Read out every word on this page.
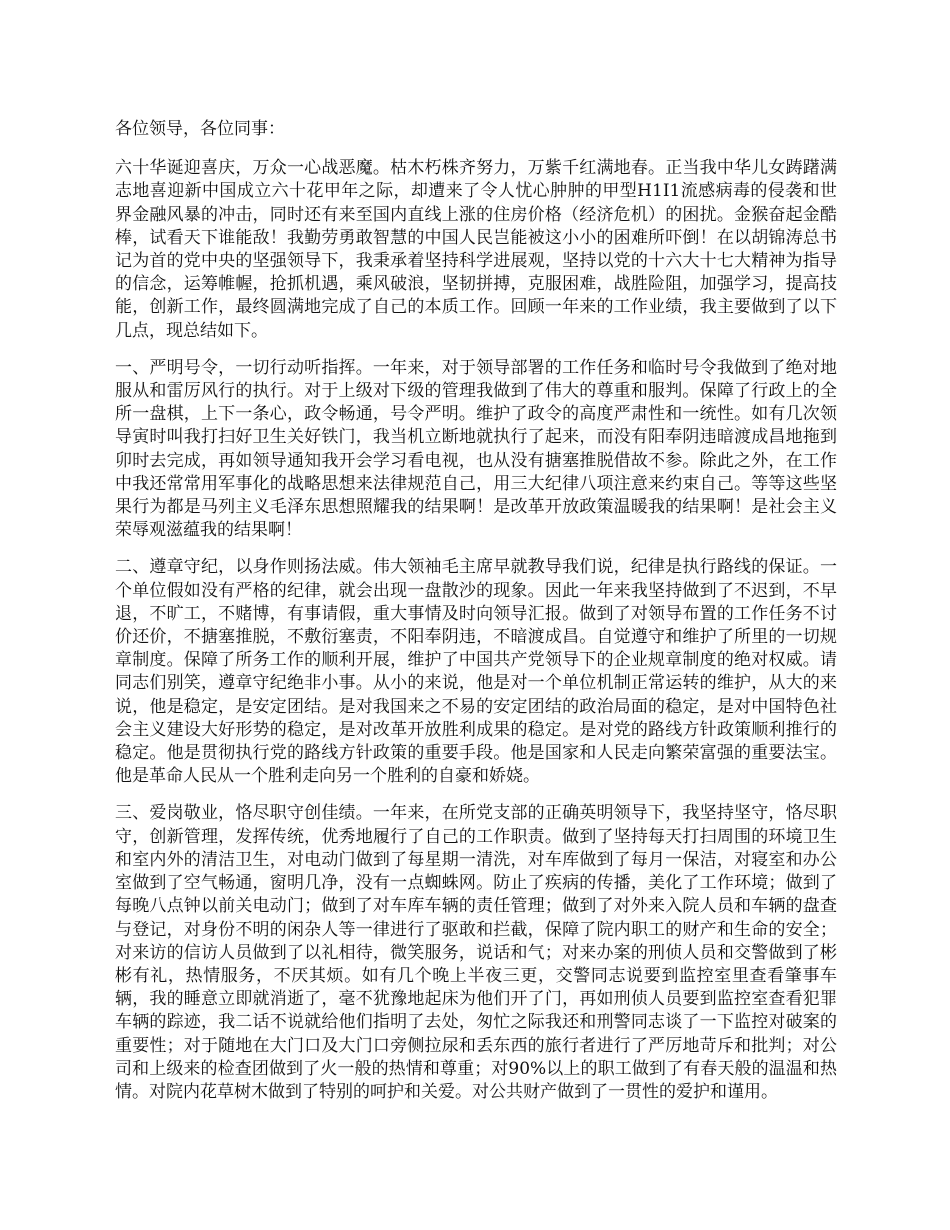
各位领导，各位同事：

六十华诞迎喜庆，万众一心战恶魔。枯木朽株齐努力，万紫千红满地春。正当我中华儿女踌躇满志地喜迎新中国成立六十花甲年之际，却遭来了令人忧心肿肿的甲型H1I1流感病毒的侵袭和世界金融风暴的冲击，同时还有来至国内直线上涨的住房价格（经济危机）的困扰。金猴奋起金酷棒，试看天下谁能敌！我勤劳勇敢智慧的中国人民岂能被这小小的困难所吓倒！在以胡锦涛总书记为首的党中央的坚强领导下，我秉承着坚持科学进展观，坚持以党的十六大十七大精神为指导的信念，运筹帷幄，抢抓机遇，乘风破浪，坚韧拼搏，克服困难，战胜险阻，加强学习，提高技能，创新工作，最终圆满地完成了自己的本质工作。回顾一年来的工作业绩，我主要做到了以下几点，现总结如下。

一、严明号令，一切行动听指挥。一年来，对于领导部署的工作任务和临时号令我做到了绝对地服从和雷厉风行的执行。对于上级对下级的管理我做到了伟大的尊重和服判。保障了行政上的全所一盘棋，上下一条心，政令畅通，号令严明。维护了政令的高度严肃性和一统性。如有几次领导寅时叫我打扫好卫生关好铁门，我当机立断地就执行了起来，而没有阳奉阴违暗渡成昌地拖到卯时去完成，再如领导通知我开会学习看电视，也从没有搪塞推脱借故不参。除此之外，在工作中我还常常用军事化的战略思想来法律规范自己，用三大纪律八项注意来约束自己。等等这些坚果行为都是马列主义毛泽东思想照耀我的结果啊！是改革开放政策温暖我的结果啊！是社会主义荣辱观滋蕴我的结果啊！

二、遵章守纪，以身作则扬法威。伟大领袖毛主席早就教导我们说，纪律是执行路线的保证。一个单位假如没有严格的纪律，就会出现一盘散沙的现象。因此一年来我坚持做到了不迟到，不早退，不旷工，不赌博，有事请假，重大事情及时向领导汇报。做到了对领导布置的工作任务不讨价还价，不搪塞推脱，不敷衍塞责，不阳奉阴违，不暗渡成昌。自觉遵守和维护了所里的一切规章制度。保障了所务工作的顺利开展，维护了中国共产党领导下的企业规章制度的绝对权威。请同志们别笑，遵章守纪绝非小事。从小的来说，他是对一个单位机制正常运转的维护，从大的来说，他是稳定，是安定团结。是对我国来之不易的安定团结的政治局面的稳定，是对中国特色社会主义建设大好形势的稳定，是对改革开放胜利成果的稳定。是对党的路线方针政策顺利推行的稳定。他是贯彻执行党的路线方针政策的重要手段。他是国家和人民走向繁荣富强的重要法宝。他是革命人民从一个胜利走向另一个胜利的自豪和娇娆。

三、爱岗敬业，恪尽职守创佳绩。一年来，在所党支部的正确英明领导下，我坚持坚守，恪尽职守，创新管理，发挥传统，优秀地履行了自己的工作职责。做到了坚持每天打扫周围的环境卫生和室内外的清洁卫生，对电动门做到了每星期一清洗，对车库做到了每月一保洁，对寝室和办公室做到了空气畅通，窗明几净，没有一点蜘蛛网。防止了疾病的传播，美化了工作环境；做到了每晚八点钟以前关电动门；做到了对车库车辆的责任管理；做到了对外来入院人员和车辆的盘查与登记，对身份不明的闲杂人等一律进行了驱敢和拦截，保障了院内职工的财产和生命的安全；对来访的信访人员做到了以礼相待，微笑服务，说话和气；对来办案的刑侦人员和交警做到了彬彬有礼，热情服务，不厌其烦。如有几个晚上半夜三更，交警同志说要到监控室里查看肇事车辆，我的睡意立即就消逝了，毫不犹豫地起床为他们开了门，再如刑侦人员要到监控室查看犯罪车辆的踪迹，我二话不说就给他们指明了去处，匆忙之际我还和刑警同志谈了一下监控对破案的重要性；对于随地在大门口及大门口旁侧拉尿和丢东西的旅行者进行了严厉地苛斥和批判；对公司和上级来的检查团做到了火一般的热情和尊重；对90%以上的职工做到了有春天般的温温和热情。对院内花草树木做到了特别的呵护和关爱。对公共财产做到了一贯性的爱护和谨用。
